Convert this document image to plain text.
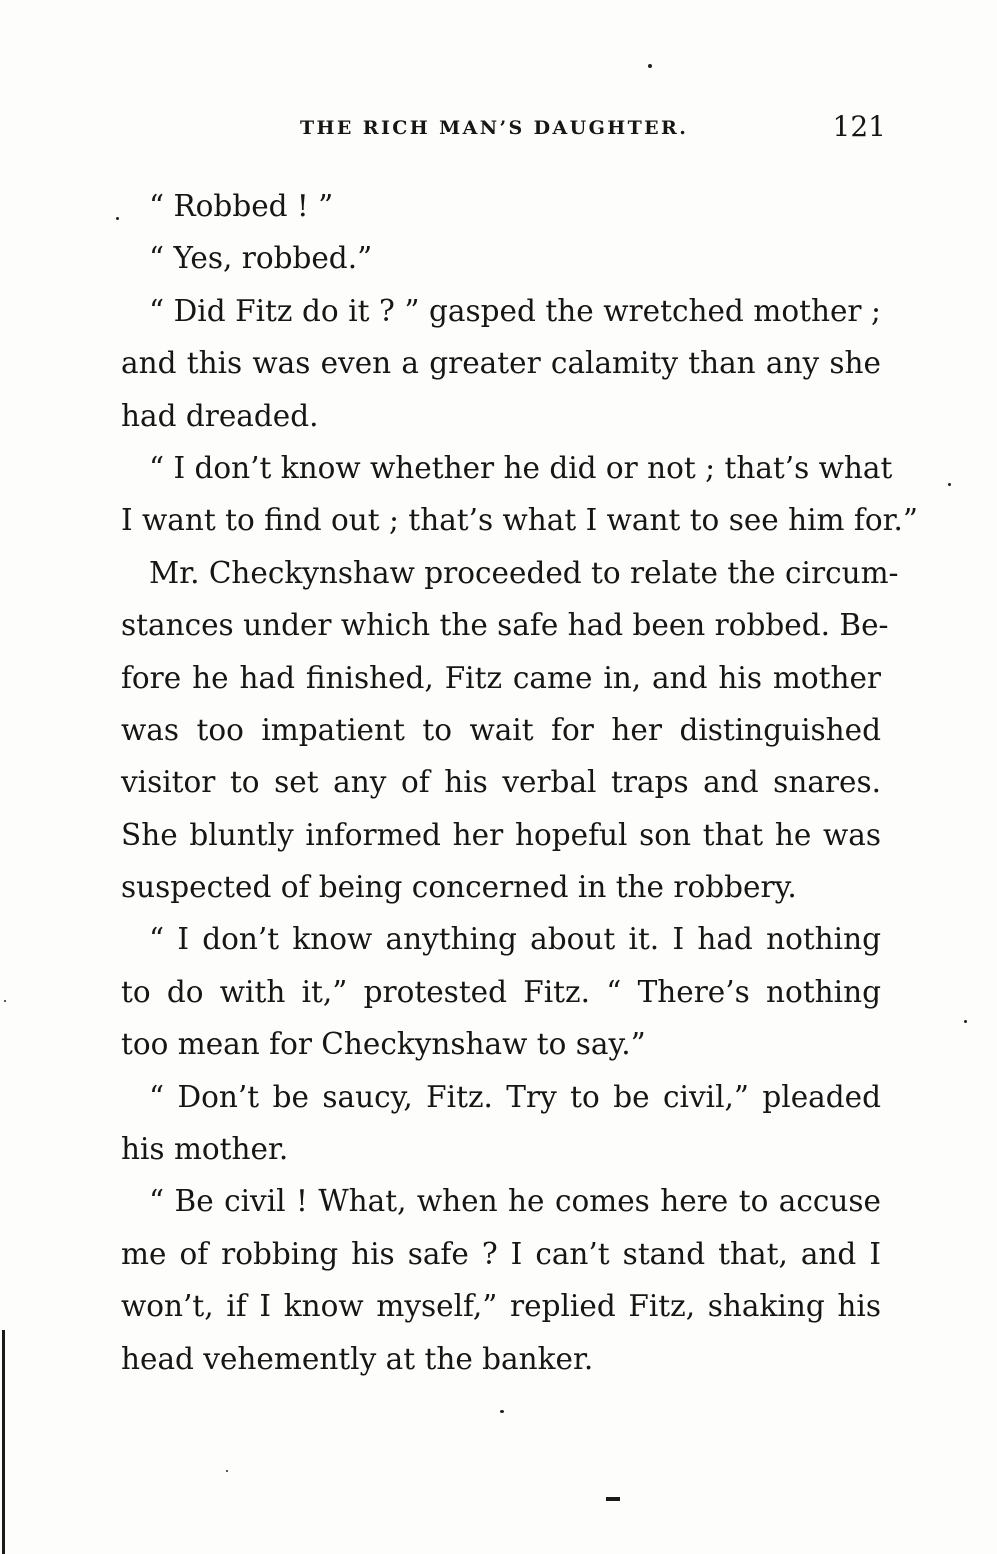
THE RICH MAN’S DAUGHTER.	121

“ Robbed ! ”

“ Yes, robbed.”

“ Did Fitz do it ? ” gasped the wretched mother ;
and this was even a greater calamity than any she
had dreaded.

“ I don’t know whether he did or not ; that’s what
I want to find out ; that’s what I want to see him for.”

Mr. Checkynshaw proceeded to relate the circum-
stances under which the safe had been robbed. Be-
fore he had finished, Fitz came in, and his mother
was too impatient to wait for her distinguished
visitor to set any of his verbal traps and snares.
She bluntly informed her hopeful son that he was
suspected of being concerned in the robbery.

“ I don’t know anything about it. I had nothing
to do with it,” protested Fitz. “ There’s nothing
too mean for Checkynshaw to say.”

“ Don’t be saucy, Fitz. Try to be civil,” pleaded
his mother.

“ Be civil ! What, when he comes here to accuse
me of robbing his safe ? I can’t stand that, and I
won’t, if I know myself,” replied Fitz, shaking his
head vehemently at the banker.
